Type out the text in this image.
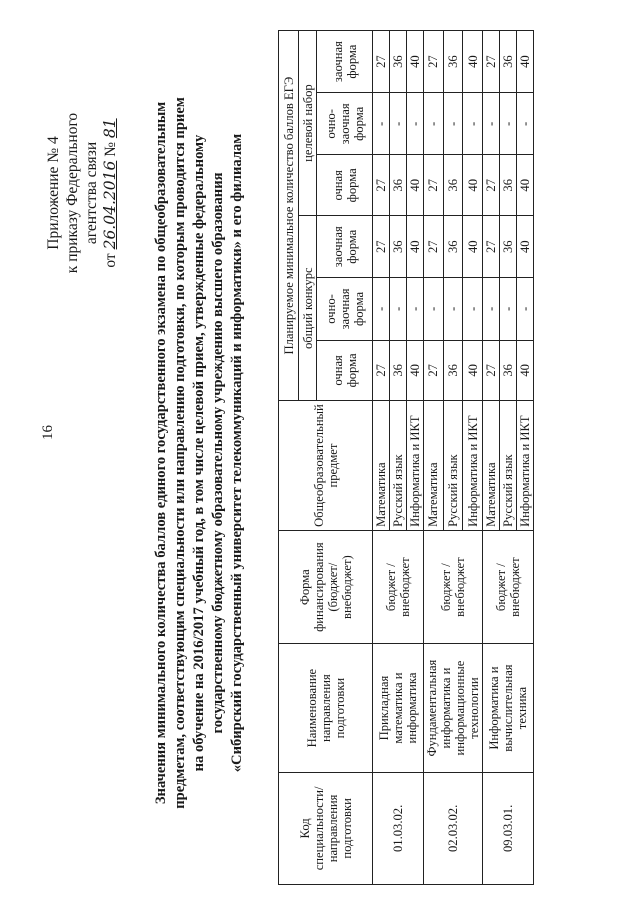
16
Приложение № 4 к приказу Федерального агентства связи
от 26.04.2016 № 81 Значения минимального количества баллов единого государственного экзамена по общеобразовательным предметам, соответствующим специальности или направлению подготовки, по которым проводится прием на обучение на 2016/2017 учебный год, в том числе целевой прием, утвержденные федеральному государственному бюджетному образовательному учреждению высшего образования «Сибирский государственный университет телекоммуникаций и информатики» и его филиалам
Код специальности/ направления подготовки	Наименование направления подготовки	Форма финансирования (бюджет/ внебюджет)	Общеобразовательный предмет	Планируемое минимальное количество баллов ЕГЭ					
				общий конкурс			целевой набор		
				очная форма	очно-заочная форма	заочная форма	очная форма	очно-заочная форма	заочная форма
01.03.02.	Прикладная математика и информатика	бюджет / внебюджет	Математика	27	-	27	27	-	27
			Русский язык	36	-	36	36	-	36
			Информатика и ИКТ	40	-	40	40	-	40
02.03.02.	Фундаментальная информатика и информационные технологии	бюджет / внебюджет	Математика	27	-	27	27	-	27
			Русский язык	36	-	36	36	-	36
			Информатика и ИКТ	40	-	40	40	-	40
09.03.01.	Информатика и вычислительная техника	бюджет / внебюджет	Математика	27	-	27	27	-	27
			Русский язык	36	-	36	36	-	36
			Информатика и ИКТ	40	-	40	40	-	40
